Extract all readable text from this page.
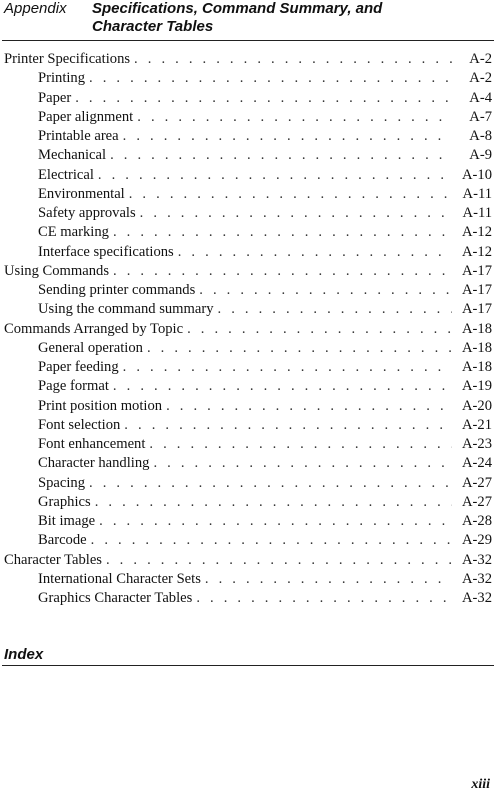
Appendix	Specifications, Command Summary, and
Character Tables
Printer Specifications . . .	A-2
Printing . . .	A-2
Paper . . .	A-4
Paper alignment . . .	A-7
Printable area . . .	A-8
Mechanical . . .	A-9
Electrical . . .	A-10
Environmental . . .	A-11
Safety approvals . . .	A-11
CE marking . . .	A-12
Interface specifications . . .	A-12
Using Commands . . .	A-17
Sending printer commands . . .	A-17
Using the command summary . . .	A-17
Commands Arranged by Topic . . .	A-18
General operation . . .	A-18
Paper feeding . . .	A-18
Page format . . .	A-19
Print position motion . . .	A-20
Font selection . . .	A-21
Font enhancement . . .	A-23
Character handling . . .	A-24
Spacing . . .	A-27
Graphics . . .	A-27
Bit image . . .	A-28
Barcode . . .	A-29
Character Tables . . .	A-32
International Character Sets . . .	A-32
Graphics Character Tables . . .	A-32
Index
xiii
